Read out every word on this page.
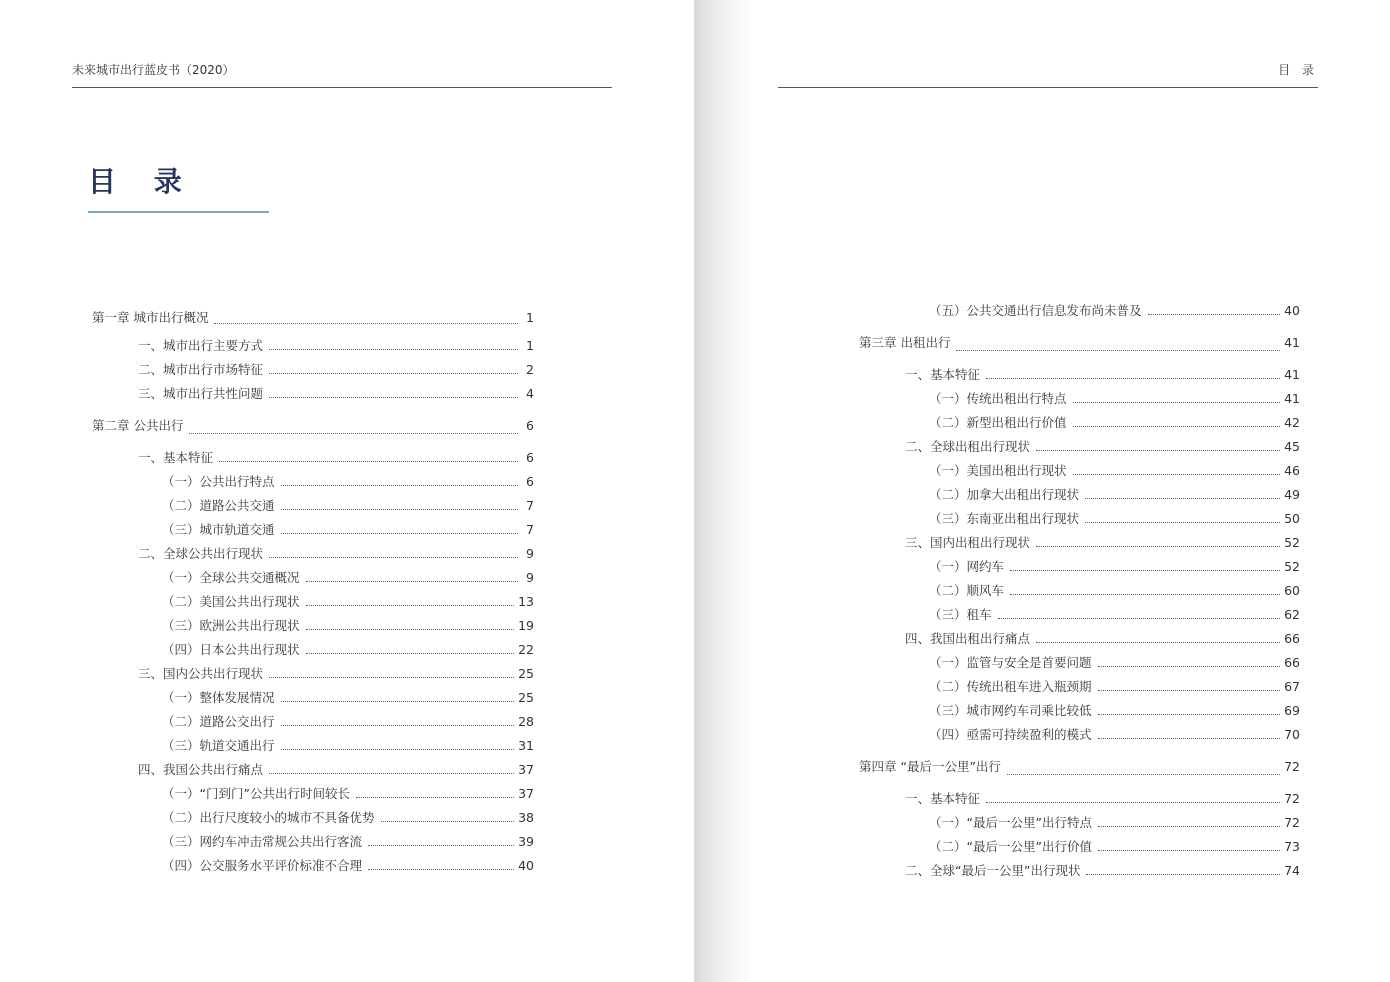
未来城市出行蓝皮书（2020）
目 录
第一章 城市出行概况	1
一、城市出行主要方式	1
二、城市出行市场特征	2
三、城市出行共性问题	4
第二章 公共出行	6
一、基本特征	6
（一）公共出行特点	6
（二）道路公共交通	7
（三）城市轨道交通	7
二、全球公共出行现状	9
（一）全球公共交通概况	9
（二）美国公共出行现状	13
（三）欧洲公共出行现状	19
（四）日本公共出行现状	22
三、国内公共出行现状	25
（一）整体发展情况	25
（二）道路公交出行	28
（三）轨道交通出行	31
四、我国公共出行痛点	37
（一）“门到门”公共出行时间较长	37
（二）出行尺度较小的城市不具备优势	38
（三）网约车冲击常规公共出行客流	39
（四）公交服务水平评价标准不合理	40
目 录
（五）公共交通出行信息发布尚未普及	40
第三章 出租出行	41
一、基本特征	41
（一）传统出租出行特点	41
（二）新型出租出行价值	42
二、全球出租出行现状	45
（一）美国出租出行现状	46
（二）加拿大出租出行现状	49
（三）东南亚出租出行现状	50
三、国内出租出行现状	52
（一）网约车	52
（二）顺风车	60
（三）租车	62
四、我国出租出行痛点	66
（一）监管与安全是首要问题	66
（二）传统出租车进入瓶颈期	67
（三）城市网约车司乘比较低	69
（四）亟需可持续盈利的模式	70
第四章 “最后一公里”出行	72
一、基本特征	72
（一）“最后一公里”出行特点	72
（二）“最后一公里”出行价值	73
二、全球“最后一公里”出行现状	74
